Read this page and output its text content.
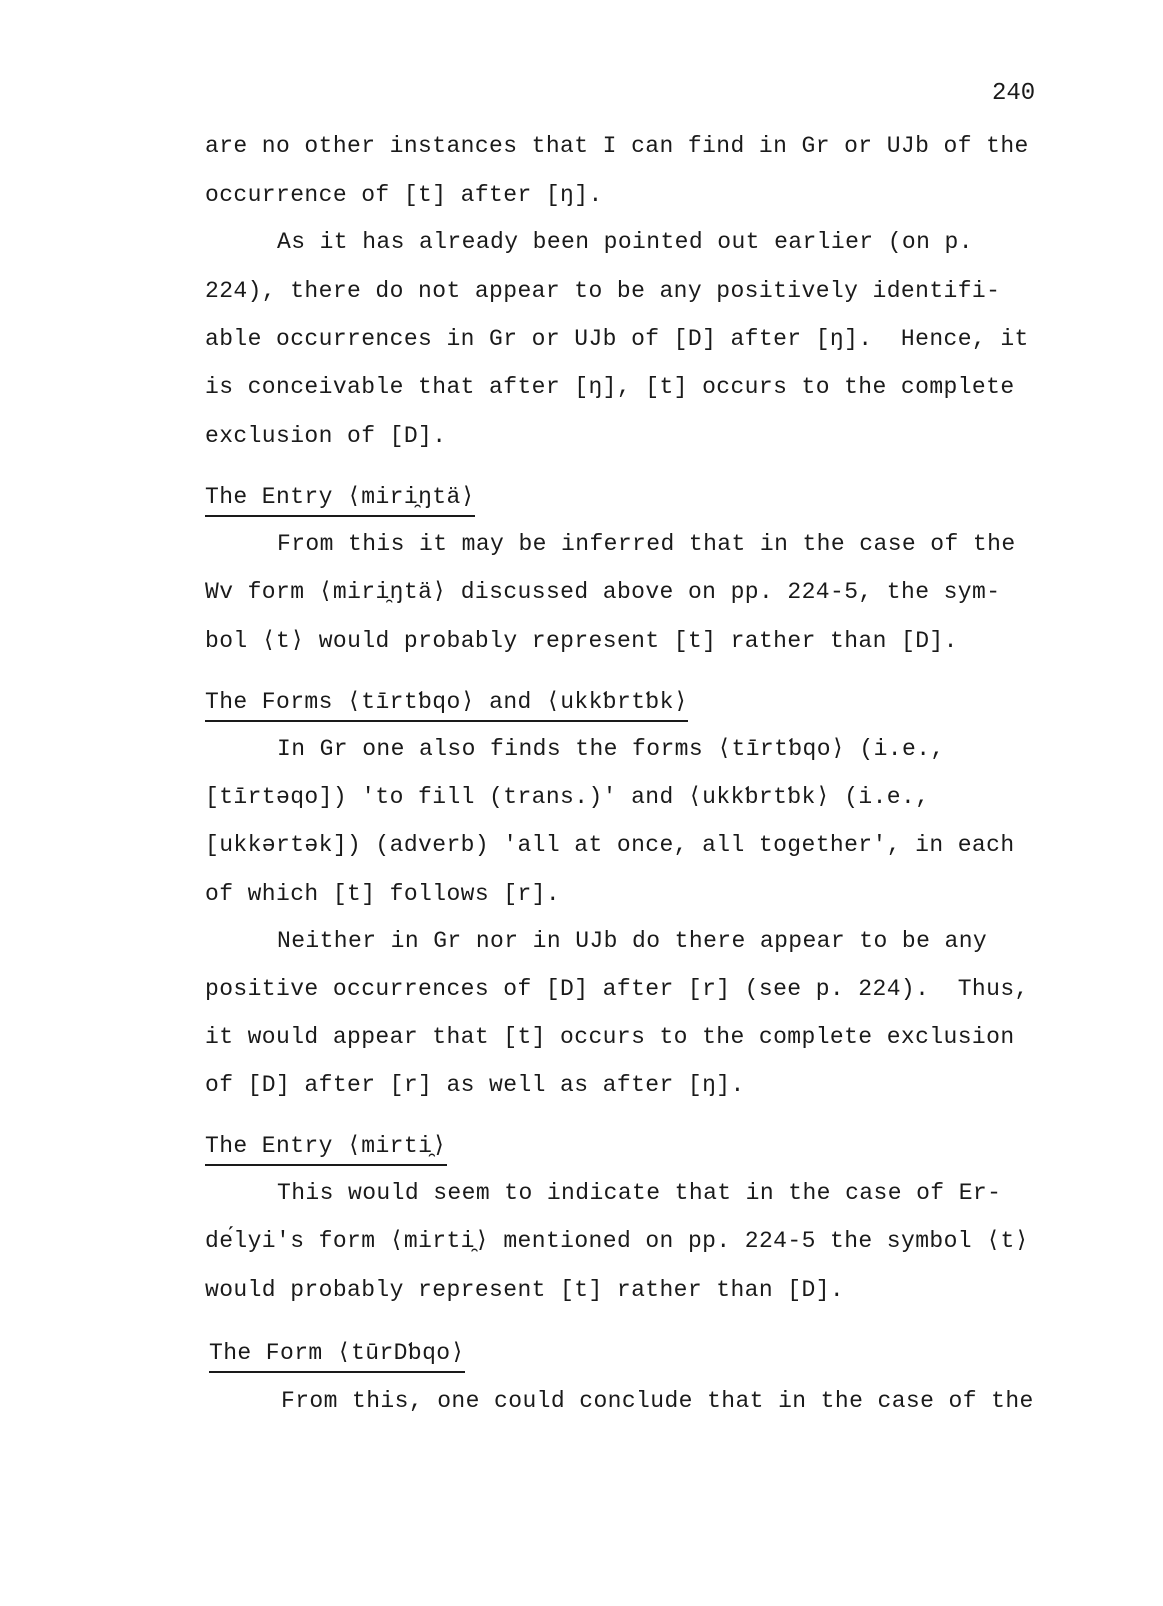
240
are no other instances that I can find in Gr or UJb of the
occurrence of [t] after [ŋ].
As it has already been pointed out earlier (on p.
224), there do not appear to be any positively identifi-
able occurrences in Gr or UJb of [D] after [ŋ].  Hence, it
is conceivable that after [ŋ], [t] occurs to the complete
exclusion of [D].
The Entry ⟨miri̯ŋtä⟩
From this it may be inferred that in the case of the
Wv form ⟨miri̯ŋtä⟩ discussed above on pp. 224-5, the sym-
bol ⟨t⟩ would probably represent [t] rather than [D].
The Forms ⟨tīrtƅqo⟩ and ⟨ukkƅrtƅk⟩
In Gr one also finds the forms ⟨tīrtƅqo⟩ (i.e.,
[tīrtəqo]) 'to fill (trans.)' and ⟨ukkƅrtƅk⟩ (i.e.,
[ukkərtək]) (adverb) 'all at once, all together', in each
of which [t] follows [r].
Neither in Gr nor in UJb do there appear to be any
positive occurrences of [D] after [r] (see p. 224).  Thus,
it would appear that [t] occurs to the complete exclusion
of [D] after [r] as well as after [ŋ].
The Entry ⟨mirti̯⟩
This would seem to indicate that in the case of Er-
dе́lyi's form ⟨mirti̯⟩ mentioned on pp. 224-5 the symbol ⟨t⟩
would probably represent [t] rather than [D].
The Form ⟨tūrDƅqo⟩
From this, one could conclude that in the case of the
